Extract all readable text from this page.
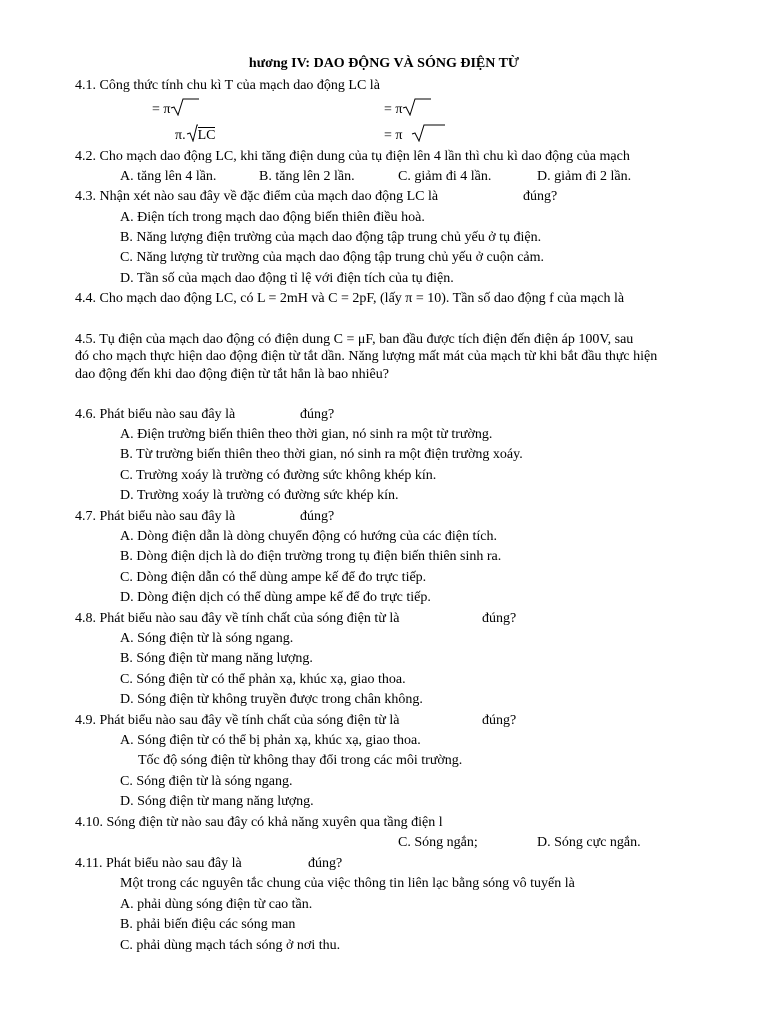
hương IV: DAO ĐỘNG VÀ SÓNG ĐIỆN TỪ
4.1. Công thức tính chu kì T của mạch dao động LC là
= π	= π
π. LC	= π
4.2. Cho mạch dao động LC, khi tăng điện dung của tụ điện lên 4 lần thì chu kì dao động của mạch
A. tăng lên 4 lần.	B. tăng lên 2 lần.	C. giảm đi 4 lần.	D. giảm đi 2 lần.
4.3. Nhận xét nào sau đây về đặc điểm của mạch dao động LC là	đúng?
A. Điện tích trong mạch dao động biến thiên điều hoà.
B. Năng lượng điện trường của mạch dao động tập trung chủ yếu ở tụ điện.
C. Năng lượng từ trường của mạch dao động tập trung chủ yếu ở cuộn cảm.
D. Tần số của mạch dao động tỉ lệ với điện tích của tụ điện.
4.4. Cho mạch dao động LC, có L = 2mH và C = 2pF, (lấy π = 10). Tần số dao động f của mạch là
4.5. Tụ điện của mạch dao động có điện dung C = μF, ban đầu được tích điện đến điện áp 100V, sau
đó cho mạch thực hiện dao động điện từ tắt dần. Năng lượng mất mát của mạch từ khi bắt đầu thực hiện
dao động đến khi dao động điện từ tắt hẳn là bao nhiêu?
4.6. Phát biểu nào sau đây là	đúng?
A. Điện trường biến thiên theo thời gian, nó sinh ra một từ trường.
B. Từ trường biến thiên theo thời gian, nó sinh ra một điện trường xoáy.
C. Trường xoáy là trường có đường sức không khép kín.
D. Trường xoáy là trường có đường sức khép kín.
4.7. Phát biểu nào sau đây là	đúng?
A. Dòng điện dẫn là dòng chuyển động có hướng của các điện tích.
B. Dòng điện dịch là do điện trường trong tụ điện biến thiên sinh ra.
C. Dòng điện dẫn có thể dùng ampe kế để đo trực tiếp.
D. Dòng điện dịch có thể dùng ampe kế để đo trực tiếp.
4.8. Phát biểu nào sau đây về tính chất của sóng điện từ là	đúng?
A. Sóng điện từ là sóng ngang.
B. Sóng điện từ mang năng lượng.
C. Sóng điện từ có thể phản xạ, khúc xạ, giao thoa.
D. Sóng điện từ không truyền được trong chân không.
4.9. Phát biểu nào sau đây về tính chất của sóng điện từ là	đúng?
A. Sóng điện từ có thể bị phản xạ, khúc xạ, giao thoa.
Tốc độ sóng điện từ không thay đổi trong các môi trường.
C. Sóng điện từ là sóng ngang.
D. Sóng điện từ mang năng lượng.
4.10. Sóng điện từ nào sau đây có khả năng xuyên qua tầng điện l
C. Sóng ngắn;	D. Sóng cực ngắn.
4.11. Phát biểu nào sau đây là	đúng?
Một trong các nguyên tắc chung của việc thông tin liên lạc bằng sóng vô tuyến là
A. phải dùng sóng điện từ cao tần.
B. phải biến điệu các sóng man
C. phải dùng mạch tách sóng ở nơi thu.
